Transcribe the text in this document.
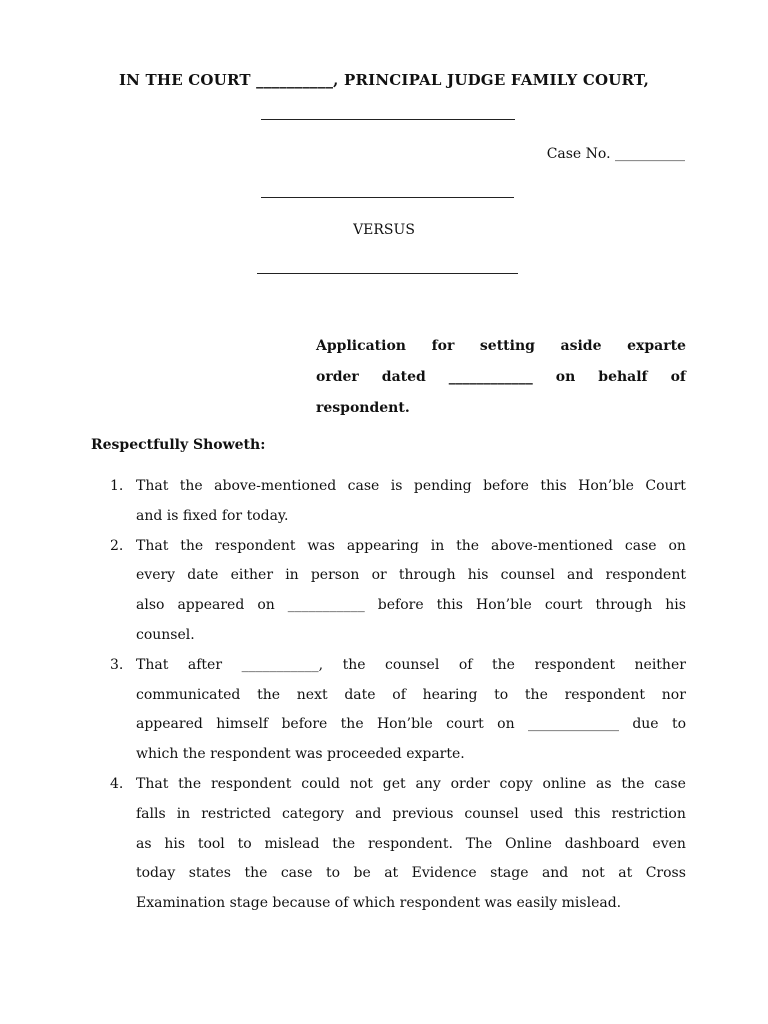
IN THE COURT __________, PRINCIPAL JUDGE FAMILY COURT,
Case No. __________
VERSUS
Application for setting aside exparte
order dated ____________ on behalf of
respondent.
Respectfully Showeth:
1. That the above-mentioned case is pending before this Hon’ble Court
and is fixed for today.
2. That the respondent was appearing in the above-mentioned case on
every date either in person or through his counsel and respondent
also appeared on ___________ before this Hon’ble court through his
counsel.
3. That after ___________, the counsel of the respondent neither
communicated the next date of hearing to the respondent nor
appeared himself before the Hon’ble court on _____________ due to
which the respondent was proceeded exparte.
4. That the respondent could not get any order copy online as the case
falls in restricted category and previous counsel used this restriction
as his tool to mislead the respondent. The Online dashboard even
today states the case to be at Evidence stage and not at Cross
Examination stage because of which respondent was easily mislead.
